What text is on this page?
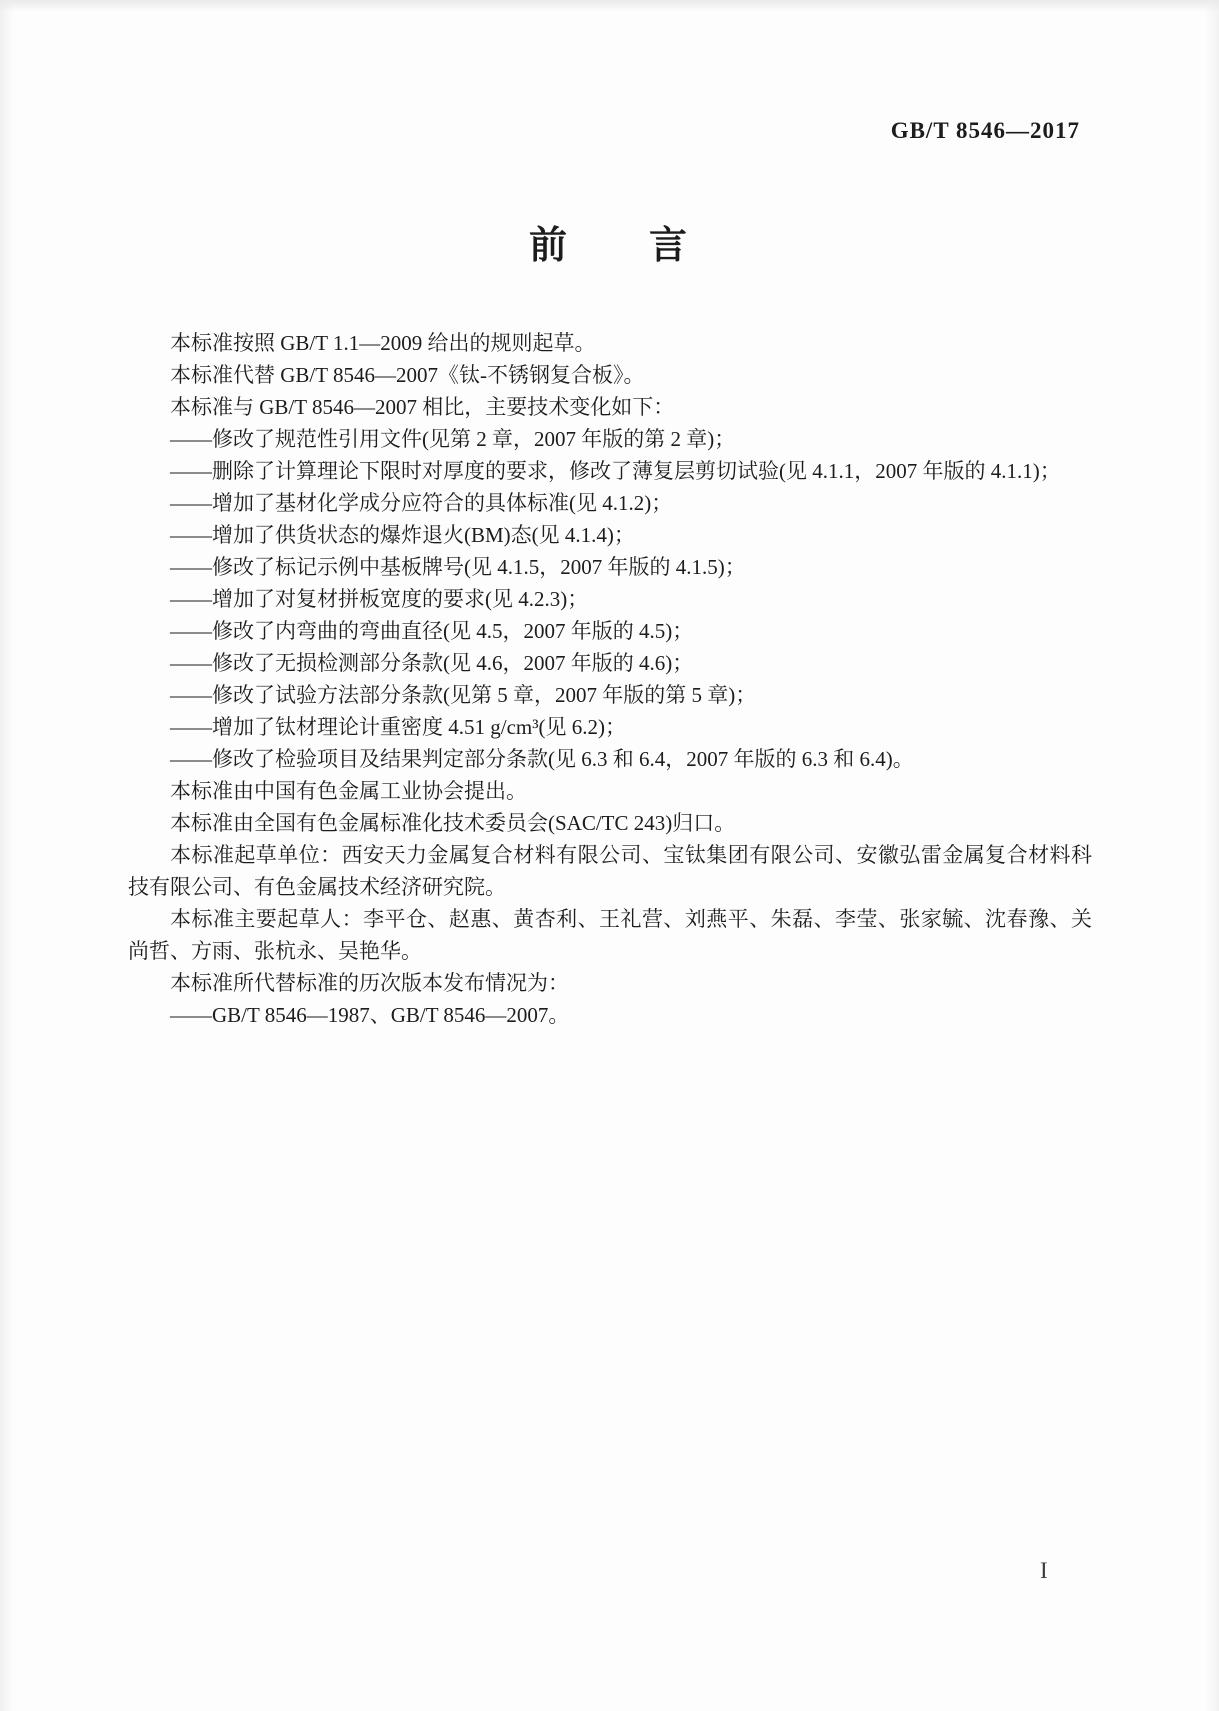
GB/T 8546—2017
前　　言

本标准按照 GB/T 1.1—2009 给出的规则起草。

本标准代替 GB/T 8546—2007《钛-不锈钢复合板》。

本标准与 GB/T 8546—2007 相比，主要技术变化如下：

——修改了规范性引用文件(见第 2 章，2007 年版的第 2 章)；

——删除了计算理论下限时对厚度的要求，修改了薄复层剪切试验(见 4.1.1，2007 年版的 4.1.1)；

——增加了基材化学成分应符合的具体标准(见 4.1.2)；

——增加了供货状态的爆炸退火(BM)态(见 4.1.4)；

——修改了标记示例中基板牌号(见 4.1.5，2007 年版的 4.1.5)；

——增加了对复材拼板宽度的要求(见 4.2.3)；

——修改了内弯曲的弯曲直径(见 4.5，2007 年版的 4.5)；

——修改了无损检测部分条款(见 4.6，2007 年版的 4.6)；

——修改了试验方法部分条款(见第 5 章，2007 年版的第 5 章)；

——增加了钛材理论计重密度 4.51 g/cm³(见 6.2)；

——修改了检验项目及结果判定部分条款(见 6.3 和 6.4，2007 年版的 6.3 和 6.4)。

本标准由中国有色金属工业协会提出。

本标准由全国有色金属标准化技术委员会(SAC/TC 243)归口。

本标准起草单位：西安天力金属复合材料有限公司、宝钛集团有限公司、安徽弘雷金属复合材料科技有限公司、有色金属技术经济研究院。

本标准主要起草人：李平仓、赵惠、黄杏利、王礼营、刘燕平、朱磊、李莹、张家毓、沈春豫、关尚哲、方雨、张杭永、吴艳华。

本标准所代替标准的历次版本发布情况为：

——GB/T 8546—1987、GB/T 8546—2007。

I
